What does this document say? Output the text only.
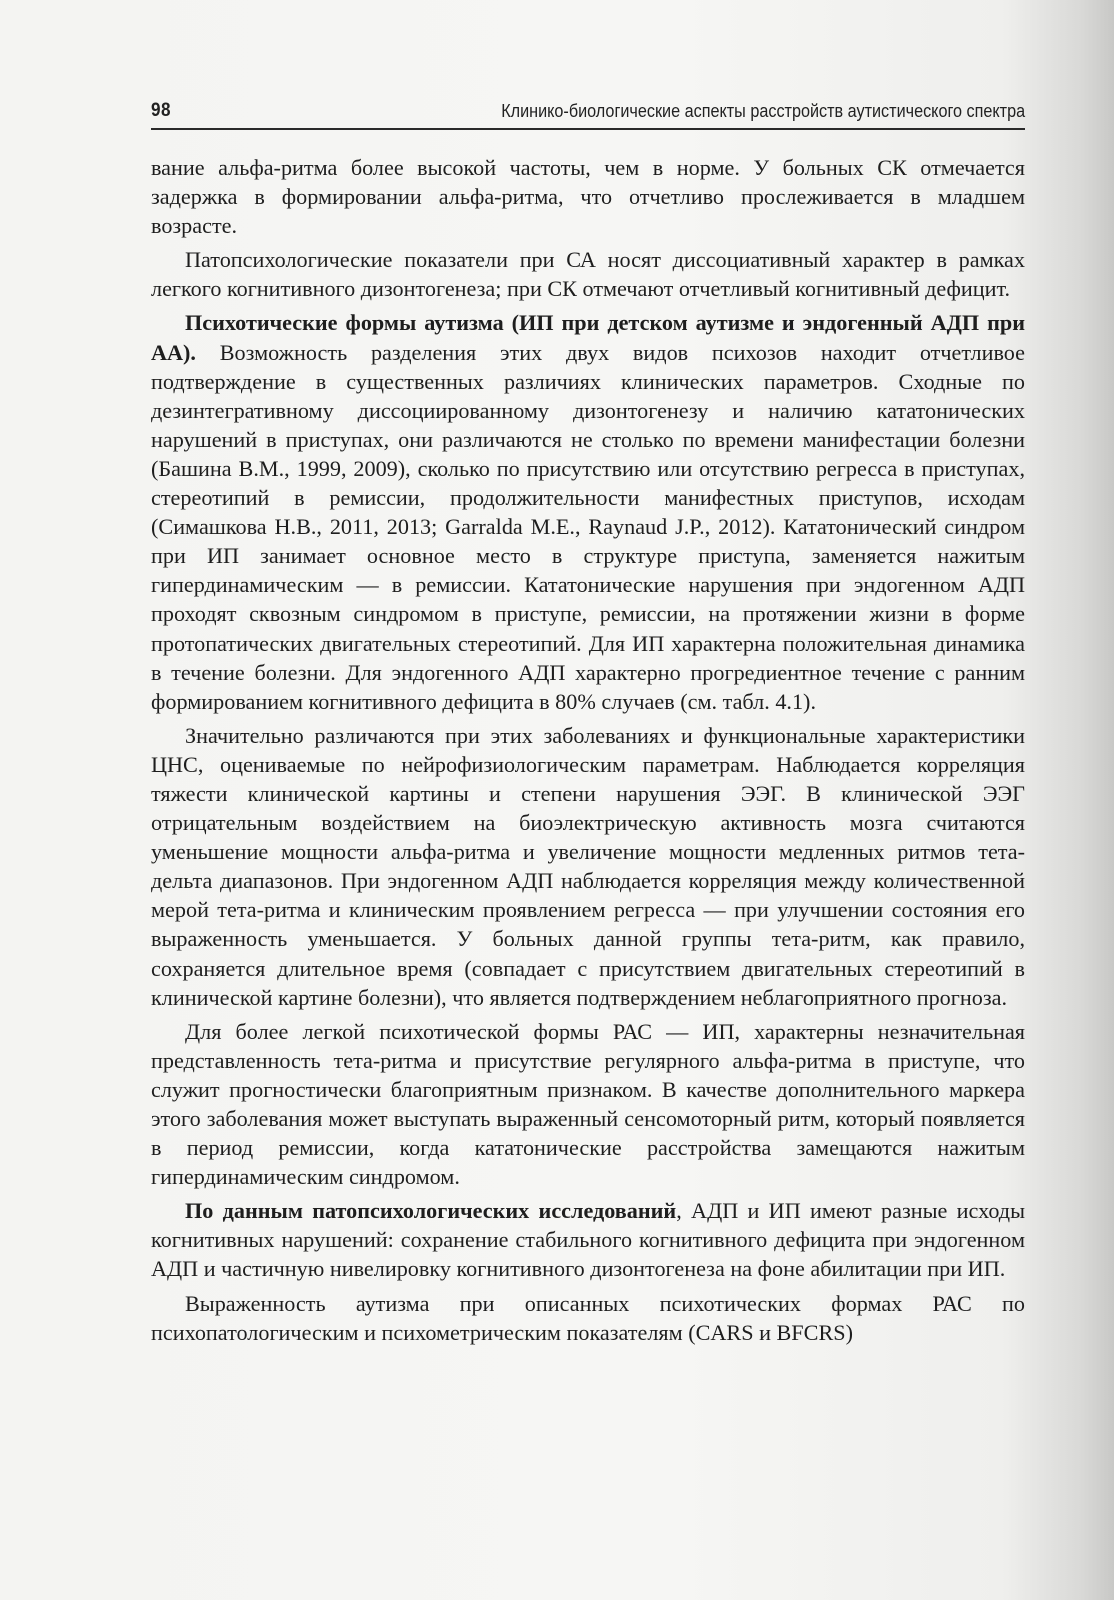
98	Клинико-биологические аспекты расстройств аутистического спектра

вание альфа-ритма более высокой частоты, чем в норме. У больных СК отмечается задержка в формировании альфа-ритма, что отчетливо прослеживается в младшем возрасте.

Патопсихологические показатели при СА носят диссоциативный характер в рамках легкого когнитивного дизонтогенеза; при СК отмечают отчетливый когнитивный дефицит.

Психотические формы аутизма (ИП при детском аутизме и эндогенный АДП при АА). Возможность разделения этих двух видов психозов находит отчетливое подтверждение в существенных различиях клинических параметров. Сходные по дезинтегративному диссоциированному дизонтогенезу и наличию кататонических нарушений в приступах, они различаются не столько по времени манифестации болезни (Башина В.М., 1999, 2009), сколько по присутствию или отсутствию регресса в приступах, стереотипий в ремиссии, продолжительности манифестных приступов, исходам (Симашкова Н.В., 2011, 2013; Garralda M.E., Raynaud J.P., 2012). Кататонический синдром при ИП занимает основное место в структуре приступа, заменяется нажитым гипердинамическим — в ремиссии. Кататонические нарушения при эндогенном АДП проходят сквозным синдромом в приступе, ремиссии, на протяжении жизни в форме протопатических двигательных стереотипий. Для ИП характерна положительная динамика в течение болезни. Для эндогенного АДП характерно прогредиентное течение с ранним формированием когнитивного дефицита в 80% случаев (см. табл. 4.1).

Значительно различаются при этих заболеваниях и функциональные характеристики ЦНС, оцениваемые по нейрофизиологическим параметрам. Наблюдается корреляция тяжести клинической картины и степени нарушения ЭЭГ. В клинической ЭЭГ отрицательным воздействием на биоэлектрическую активность мозга считаются уменьшение мощности альфа-ритма и увеличение мощности медленных ритмов тета-дельта диапазонов. При эндогенном АДП наблюдается корреляция между количественной мерой тета-ритма и клиническим проявлением регресса — при улучшении состояния его выраженность уменьшается. У больных данной группы тета-ритм, как правило, сохраняется длительное время (совпадает с присутствием двигательных стереотипий в клинической картине болезни), что является подтверждением неблагоприятного прогноза.

Для более легкой психотической формы РАС — ИП, характерны незначительная представленность тета-ритма и присутствие регулярного альфа-ритма в приступе, что служит прогностически благоприятным признаком. В качестве дополнительного маркера этого заболевания может выступать выраженный сенсомоторный ритм, который появляется в период ремиссии, когда кататонические расстройства замещаются нажитым гипердинамическим синдромом.

По данным патопсихологических исследований, АДП и ИП имеют разные исходы когнитивных нарушений: сохранение стабильного когнитивного дефицита при эндогенном АДП и частичную нивелировку когнитивного дизонтогенеза на фоне абилитации при ИП.

Выраженность аутизма при описанных психотических формах РАС по психопатологическим и психометрическим показателям (CARS и BFCRS)
